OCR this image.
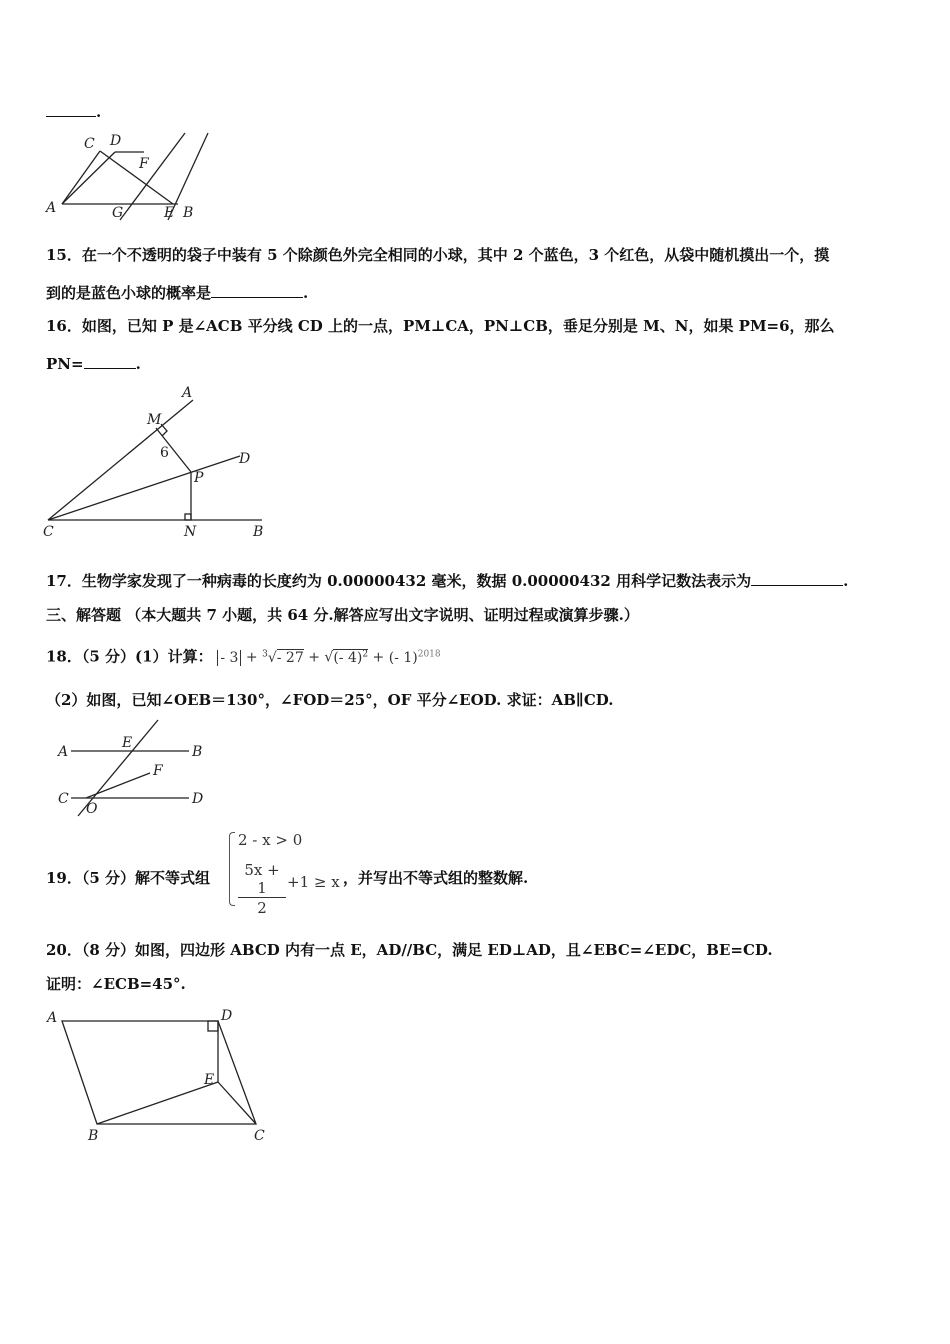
.
C D
F
A	G	E B
15．在一个不透明的袋子中装有 5 个除颜色外完全相同的小球，其中 2 个蓝色，3 个红色，从袋中随机摸出一个，摸
到的是蓝色小球的概率是	.
16．如图，已知 P 是∠ACB 平分线 CD 上的一点，PM⊥CA，PN⊥CB，垂足分别是 M、N，如果 PM=6，那么
PN=	.
A
M
6	D
P
C	N	B
17．生物学家发现了一种病毒的长度约为 0.00000432 毫米，数据 0.00000432 用科学记数法表示为	.
三、解答题 （本大题共 7 小题，共 64 分.解答应写出文字说明、证明过程或演算步骤.）
18．（5 分）(1）计算： - 3 + $^3$√- 27 + √(- 4)$^2$ + (- 1)$^{2018}$
（2）如图，已知∠OEB＝130°，∠FOD＝25°，OF 平分∠EOD. 求证：AB∥CD.
A
E
B
F
C
O
D
19．（5 分）解不等式组
2 - x > 0
5x + 1
2
+1 ≥ x ，并写出不等式组的整数解.
20．（8 分）如图，四边形 ABCD 内有一点 E，AD//BC，满足 ED⊥AD，且∠EBC=∠EDC，BE=CD.
证明：∠ECB=45°.
A	D
E
B	C
